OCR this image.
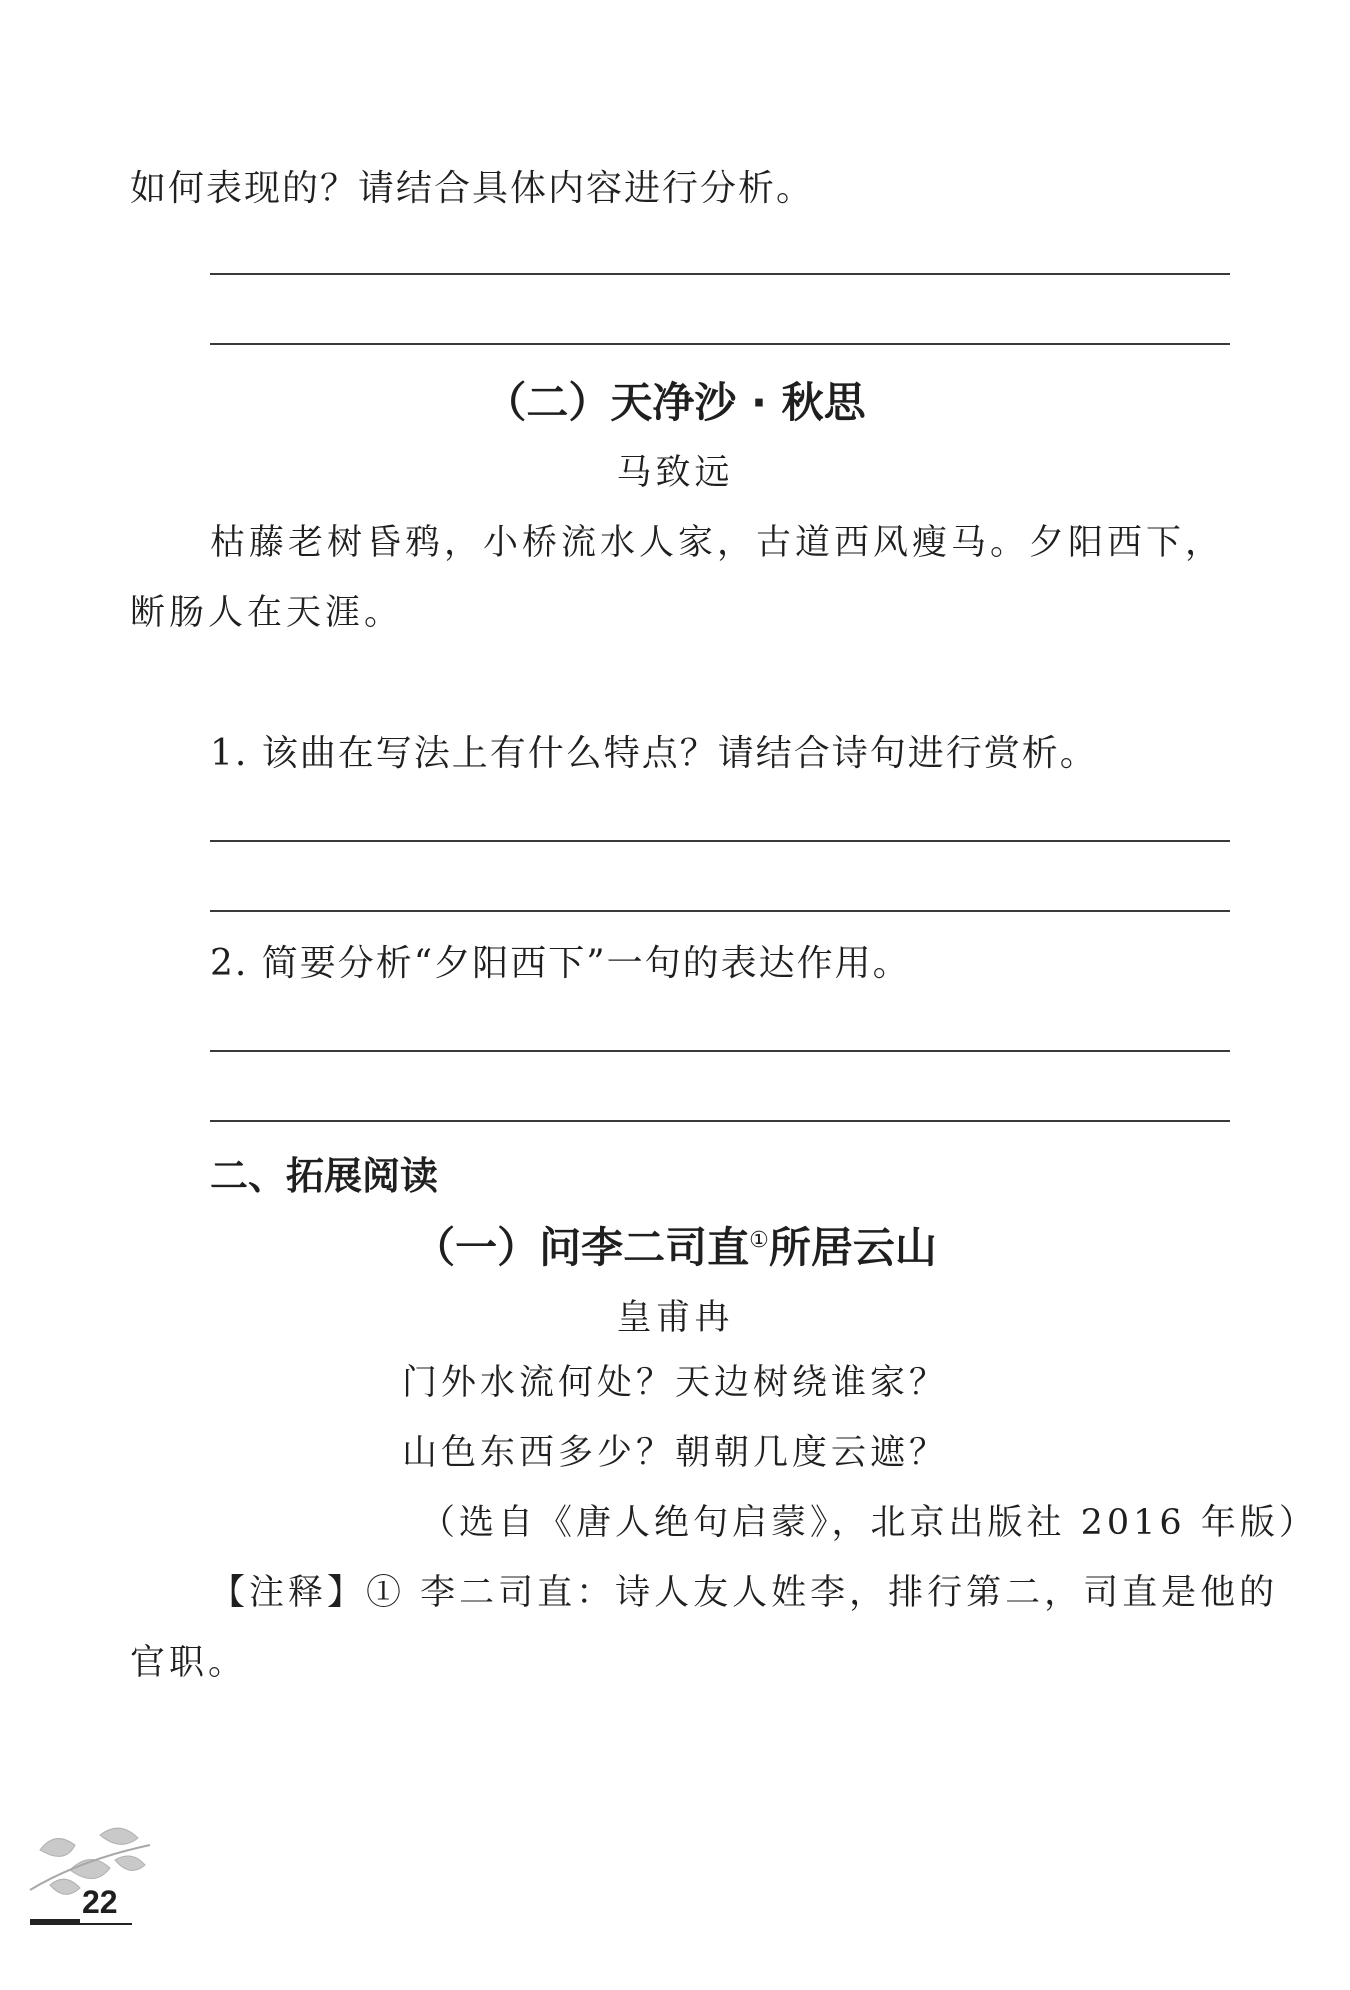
如何表现的？请结合具体内容进行分析。
（二）天净沙 · 秋思
马致远
枯藤老树昏鸦，小桥流水人家，古道西风瘦马。夕阳西下，
断肠人在天涯。
1. 该曲在写法上有什么特点？请结合诗句进行赏析。
2. 简要分析“夕阳西下”一句的表达作用。
二、拓展阅读
（一）问李二司直①所居云山
皇甫冉
门外水流何处？天边树绕谁家？
山色东西多少？朝朝几度云遮？
（选自《唐人绝句启蒙》，北京出版社 2016 年版）
【注释】① 李二司直：诗人友人姓李，排行第二，司直是他的
官职。
22
